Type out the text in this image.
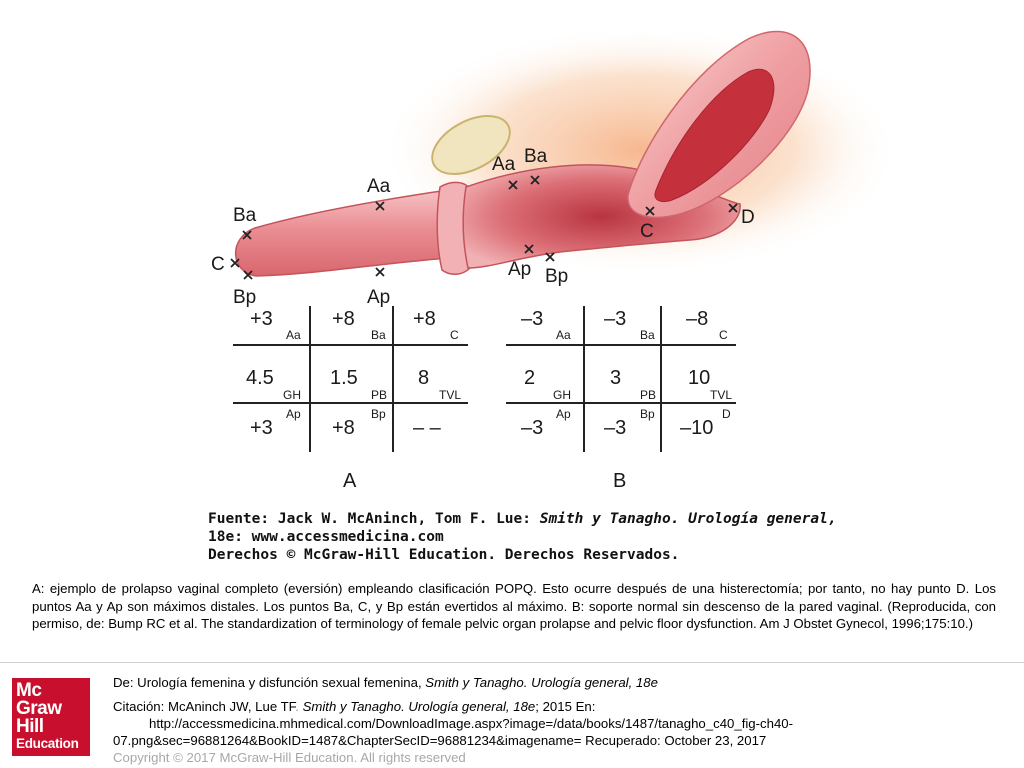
Ba
C
Bp
Aa
Ap
Aa Ba
Ap Bp
C
D
+3
Aa
+8
Ba
+8
C
4.5
GH
1.5
PB
8
TVL
Ap
+3
Bp
+8	– –
A
–3
Aa
–3
Ba
–8
C
2
GH
3
PB
10
TVL
Ap
–3
Bp
–3
D
–10
B
Fuente: Jack W. McAninch, Tom F. Lue: Smith y Tanagho. Urología general,
18e: www.accessmedicina.com
Derechos © McGraw-Hill Education. Derechos Reservados.

A: ejemplo de prolapso vaginal completo (eversión) empleando clasificación POPQ. Esto ocurre después de una histerectomía; por tanto, no hay punto D. Los puntos Aa y Ap son máximos distales. Los puntos Ba, C, y Bp están evertidos al máximo. B: soporte normal sin descenso de la pared vaginal. (Reproducida, con permiso, de: Bump RC et al. The standardization of terminology of female pelvic organ prolapse and pelvic floor dysfunction. Am J Obstet Gynecol, 1996;175:10.)

Mc
Graw
Hill
Education

De: Urología femenina y disfunción sexual femenina, Smith y Tanagho. Urología general, 18e

Citación: McAninch JW, Lue TF. Smith y Tanagho. Urología general, 18e; 2015 En:

http://accessmedicina.mhmedical.com/DownloadImage.aspx?image=/data/books/1487/tanagho_c40_fig-ch40-

07.png&sec=96881264&BookID=1487&ChapterSecID=96881234&imagename= Recuperado: October 23, 2017

Copyright © 2017 McGraw-Hill Education. All rights reserved
